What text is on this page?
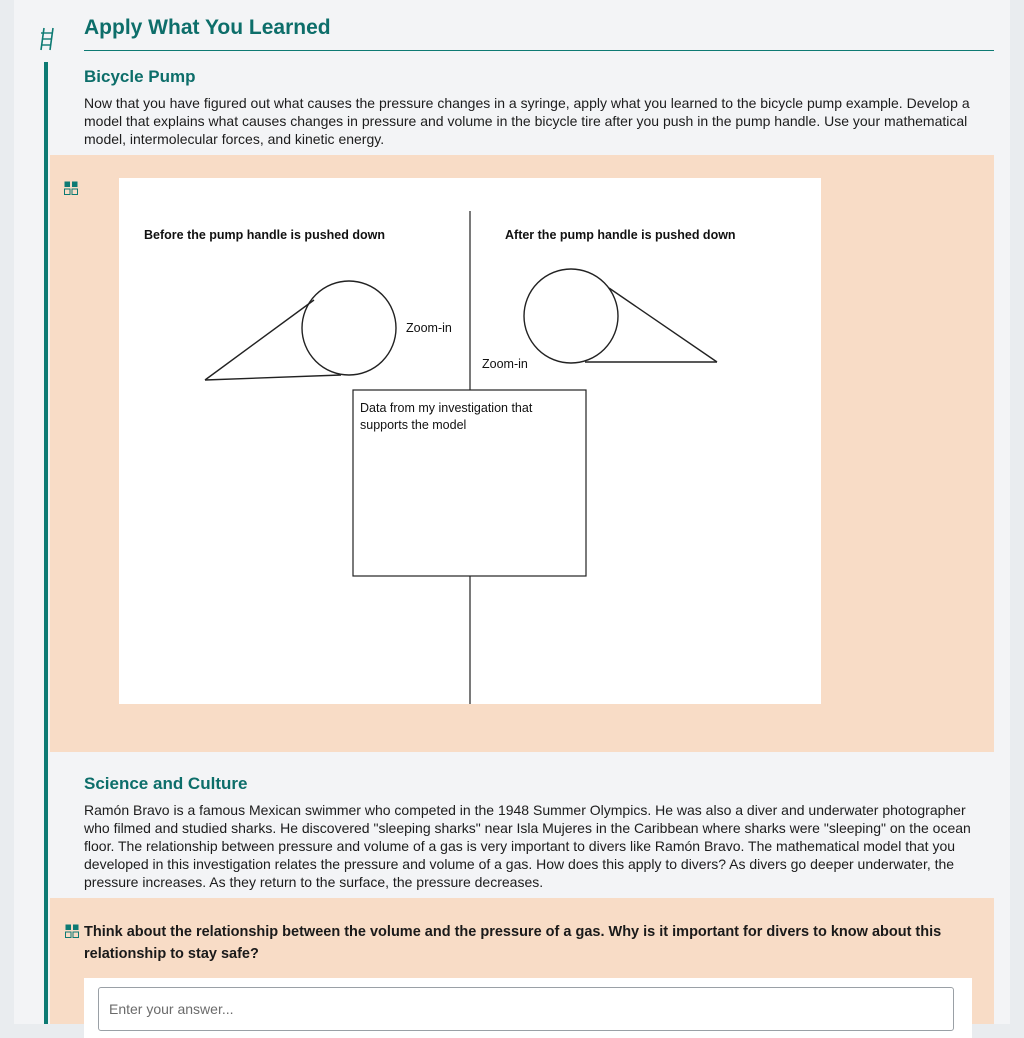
Apply What You Learned
Bicycle Pump

Now that you have figured out what causes the pressure changes in a syringe, apply what you learned to the bicycle pump example. Develop a model that explains what causes changes in pressure and volume in the bicycle tire after you push in the pump handle. Use your mathematical model, intermolecular forces, and kinetic energy.

Before the pump handle is pushed down	After the pump handle is pushed down
Zoom-in
Zoom-in
Data from my investigation that supports the model
Science and Culture

Ramón Bravo is a famous Mexican swimmer who competed in the 1948 Summer Olympics. He was also a diver and underwater photographer who filmed and studied sharks. He discovered "sleeping sharks" near Isla Mujeres in the Caribbean where sharks were "sleeping" on the ocean floor. The relationship between pressure and volume of a gas is very important to divers like Ramón Bravo. The mathematical model that you developed in this investigation relates the pressure and volume of a gas. How does this apply to divers? As divers go deeper underwater, the pressure increases. As they return to the surface, the pressure decreases.

Think about the relationship between the volume and the pressure of a gas. Why is it important for divers to know about this relationship to stay safe?

Enter your answer...
